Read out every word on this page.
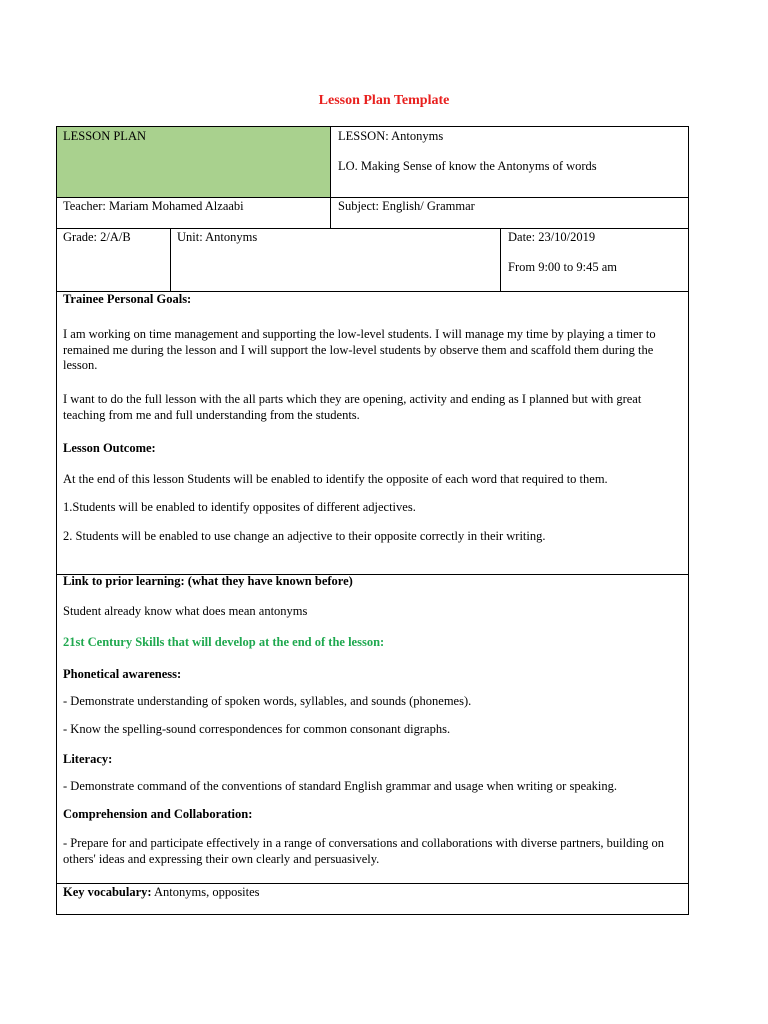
Lesson Plan Template
LESSON PLAN	LESSON: Antonyms
LO. Making Sense of know the Antonyms of words
Teacher: Mariam Mohamed Alzaabi	Subject: English/ Grammar
Grade: 2/A/B	Unit: Antonyms	Date: 23/10/2019
From 9:00 to 9:45 am
Trainee Personal Goals:
I am working on time management and supporting the low-level students. I will manage my time by playing a timer to remained me during the lesson and I will support the low-level students by observe them and scaffold them during the lesson.
I want to do the full lesson with the all parts which they are opening, activity and ending as I planned but with great teaching from me and full understanding from the students.
Lesson Outcome:
At the end of this lesson Students will be enabled to identify the opposite of each word that required to them.
1.Students will be enabled to identify opposites of different adjectives.
2. Students will be enabled to use change an adjective to their opposite correctly in their writing.
Link to prior learning: (what they have known before)
Student already know what does mean antonyms
21st Century Skills that will develop at the end of the lesson:
Phonetical awareness:
- Demonstrate understanding of spoken words, syllables, and sounds (phonemes).
- Know the spelling-sound correspondences for common consonant digraphs.
Literacy:
- Demonstrate command of the conventions of standard English grammar and usage when writing or speaking.
Comprehension and Collaboration:
- Prepare for and participate effectively in a range of conversations and collaborations with diverse partners, building on others' ideas and expressing their own clearly and persuasively.
Key vocabulary: Antonyms, opposites
